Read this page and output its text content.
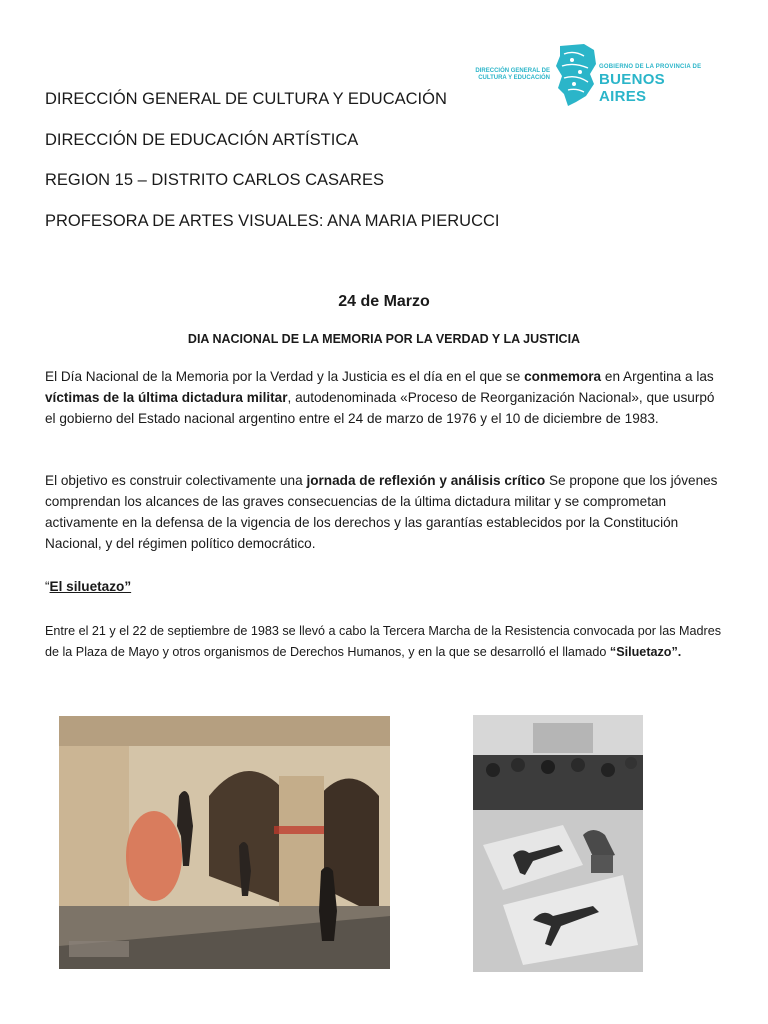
DIRECCIÓN GENERAL DE CULTURA Y EDUCACIÓN
GOBIERNO DE LA PROVINCIA DE
BUENOS AIRES
DIRECCIÓN GENERAL DE CULTURA Y EDUCACIÓN
DIRECCIÓN DE EDUCACIÓN ARTÍSTICA
REGION 15 – DISTRITO CARLOS CASARES
PROFESORA DE ARTES VISUALES: ANA MARIA PIERUCCI
24 de Marzo
DIA NACIONAL DE LA MEMORIA POR LA VERDAD Y LA JUSTICIA
El Día Nacional de la Memoria por la Verdad y la Justicia es el día en el que se conmemora en Argentina a las víctimas de la última dictadura militar, autodenominada «Proceso de Reorganización Nacional», que usurpó el gobierno del Estado nacional argentino entre el 24 de marzo de 1976 y el 10 de diciembre de 1983.
El objetivo es construir colectivamente una jornada de reflexión y análisis crítico Se propone que los jóvenes comprendan los alcances de las graves consecuencias de la última dictadura militar y se comprometan activamente en la defensa de la vigencia de los derechos y las garantías establecidos por la Constitución Nacional, y del régimen político democrático.
“El siluetazo”
Entre el 21 y el 22 de septiembre de 1983 se llevó a cabo la Tercera Marcha de la Resistencia convocada por las Madres de la Plaza de Mayo y otros organismos de Derechos Humanos, y en la que se desarrolló el llamado “Siluetazo”.
